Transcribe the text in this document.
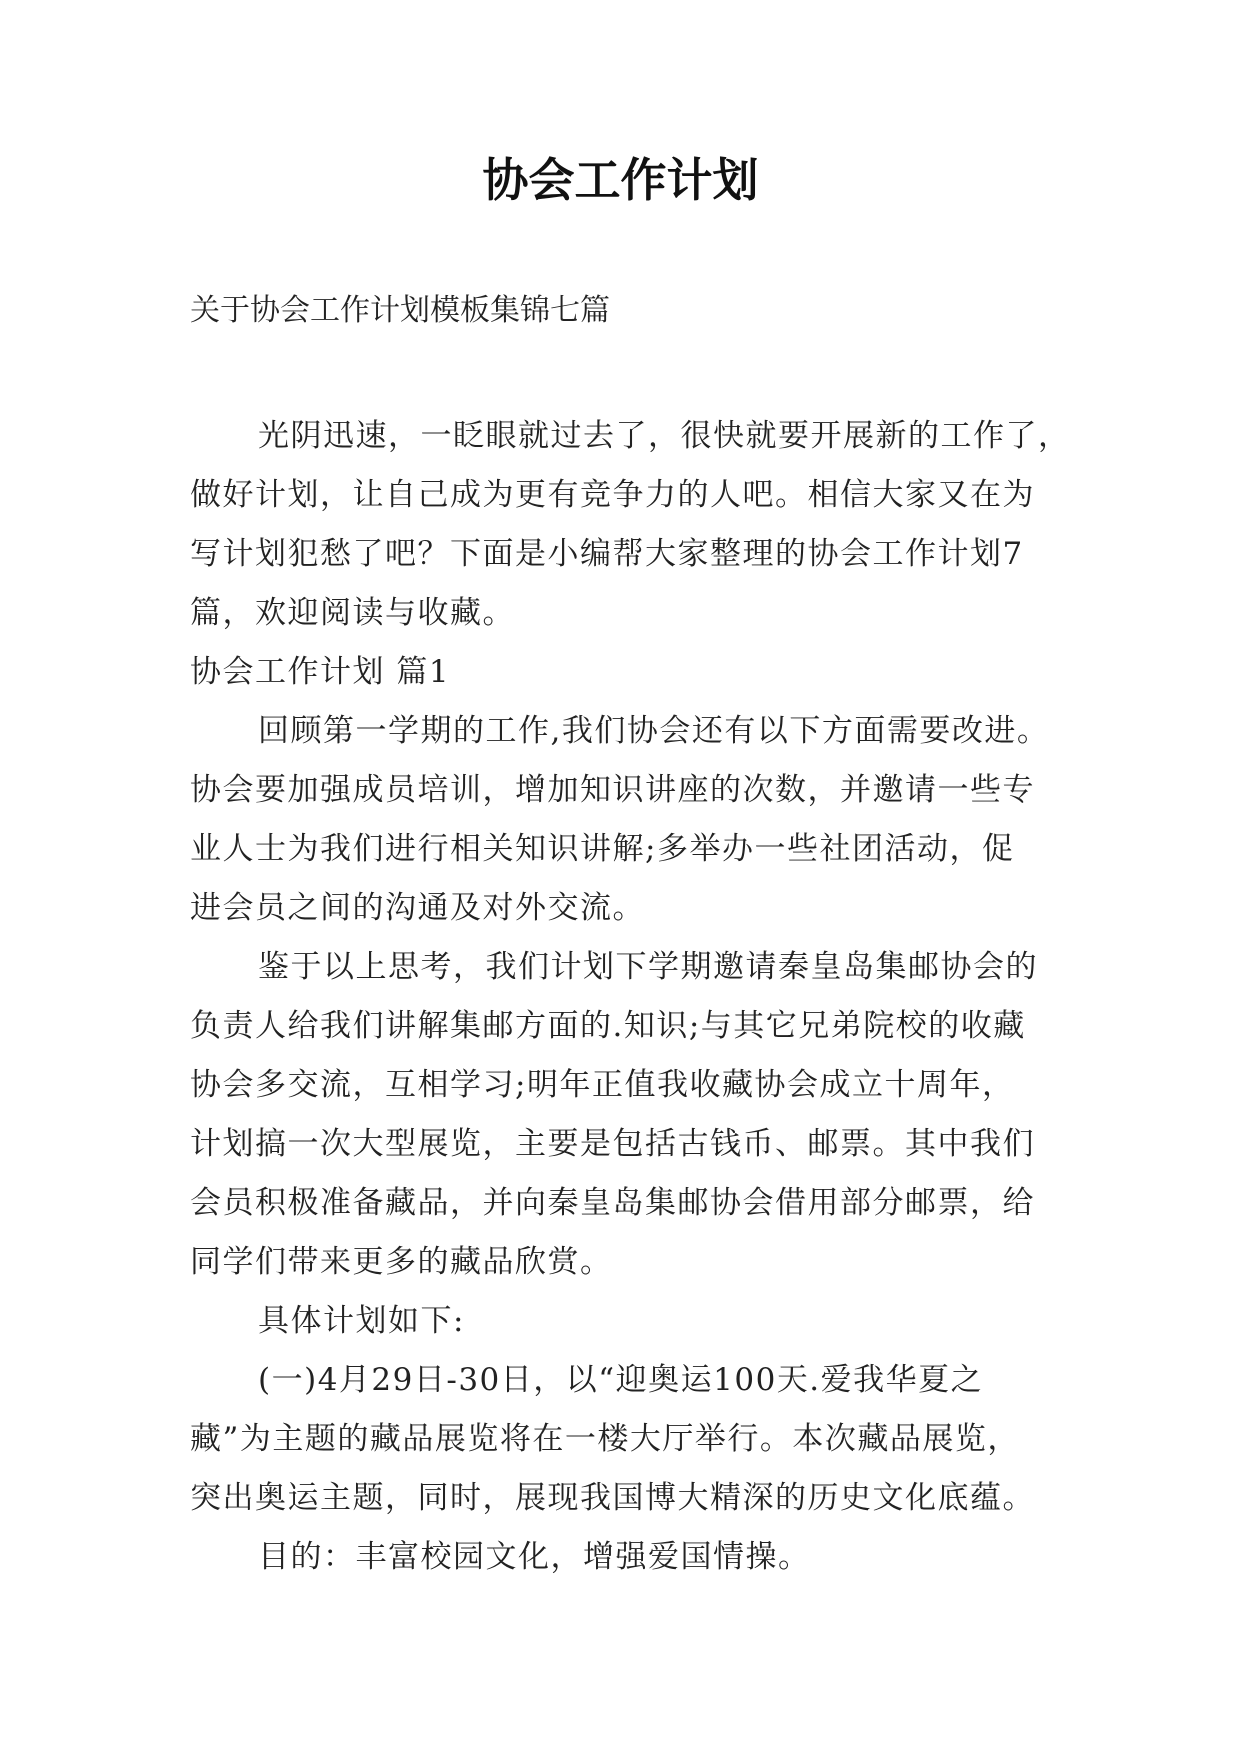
协会工作计划
关于协会工作计划模板集锦七篇
光阴迅速，一眨眼就过去了，很快就要开展新的工作了，
做好计划，让自己成为更有竞争力的人吧。相信大家又在为
写计划犯愁了吧？下面是小编帮大家整理的协会工作计划7
篇，欢迎阅读与收藏。
协会工作计划 篇1
回顾第一学期的工作,我们协会还有以下方面需要改进。
协会要加强成员培训，增加知识讲座的次数，并邀请一些专
业人士为我们进行相关知识讲解;多举办一些社团活动，促
进会员之间的沟通及对外交流。
鉴于以上思考，我们计划下学期邀请秦皇岛集邮协会的
负责人给我们讲解集邮方面的.知识;与其它兄弟院校的收藏
协会多交流，互相学习;明年正值我收藏协会成立十周年，
计划搞一次大型展览，主要是包括古钱币、邮票。其中我们
会员积极准备藏品，并向秦皇岛集邮协会借用部分邮票，给
同学们带来更多的藏品欣赏。
具体计划如下:
(一)4月29日-30日，以“迎奥运100天.爱我华夏之
藏”为主题的藏品展览将在一楼大厅举行。本次藏品展览，
突出奥运主题，同时，展现我国博大精深的历史文化底蕴。
目的：丰富校园文化，增强爱国情操。
